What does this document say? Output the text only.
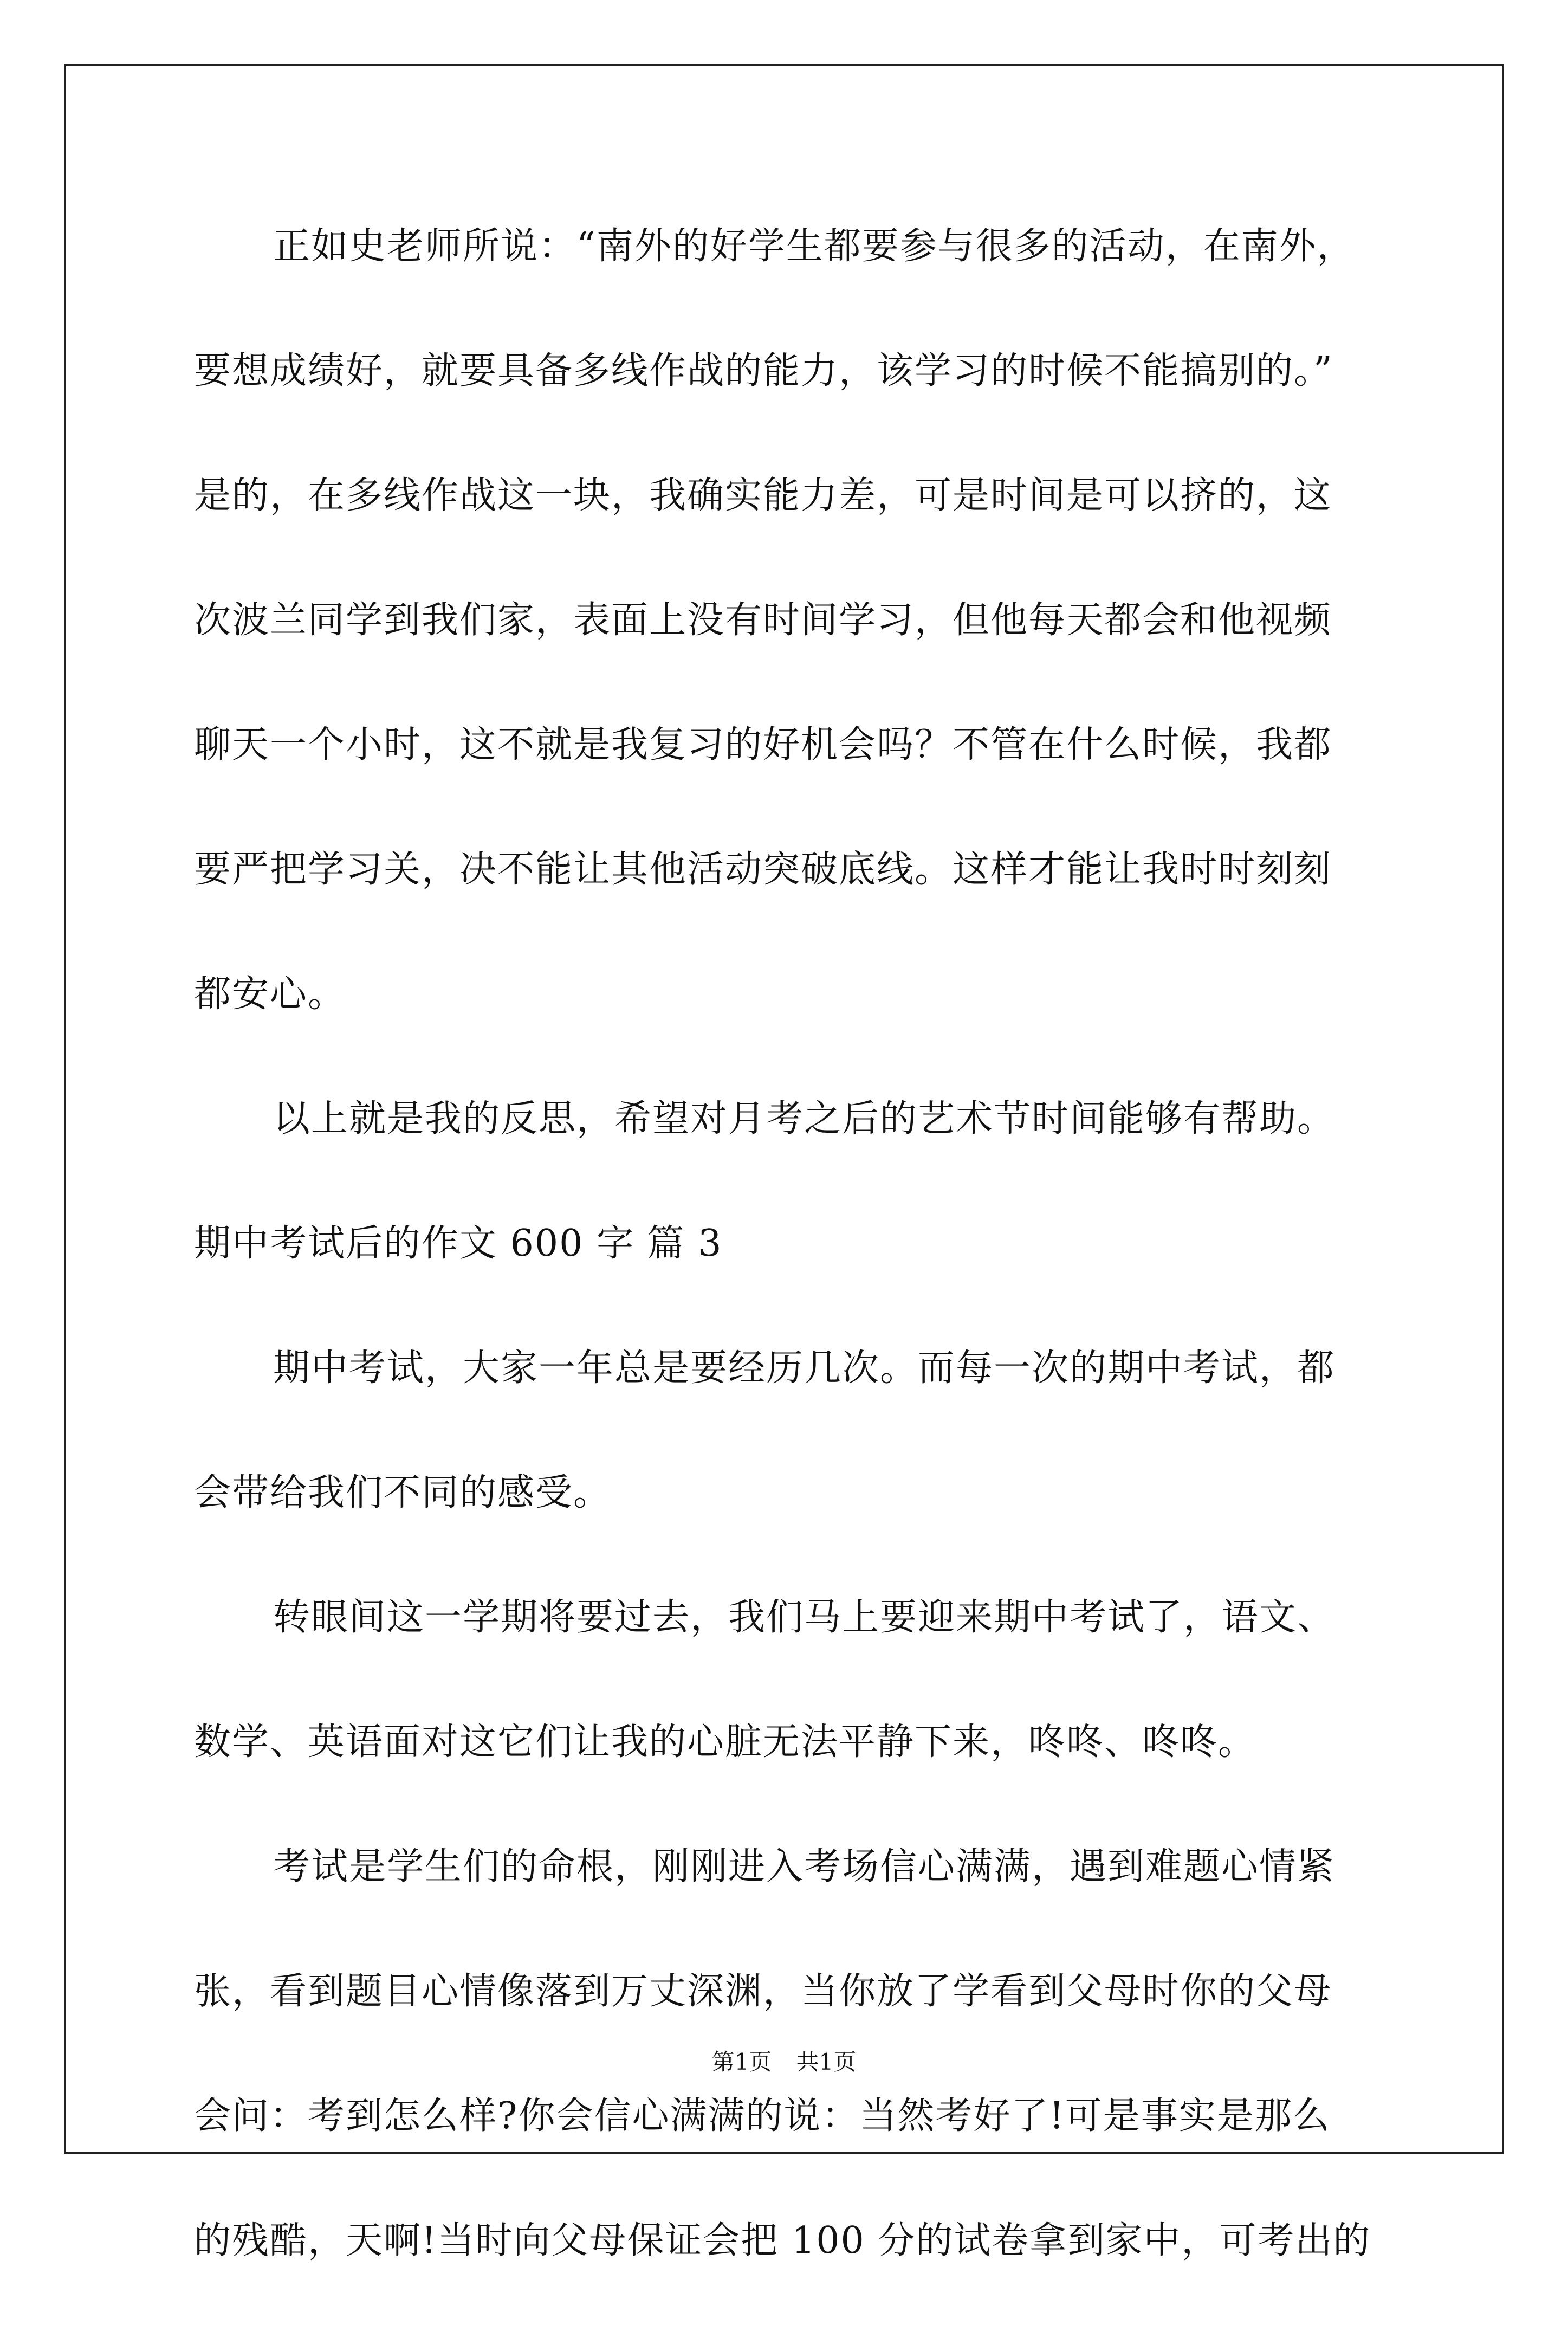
正如史老师所说：“南外的好学生都要参与很多的活动，在南外，
要想成绩好，就要具备多线作战的能力，该学习的时候不能搞别的。”
是的，在多线作战这一块，我确实能力差，可是时间是可以挤的，这
次波兰同学到我们家，表面上没有时间学习，但他每天都会和他视频
聊天一个小时，这不就是我复习的好机会吗？不管在什么时候，我都
要严把学习关，决不能让其他活动突破底线。这样才能让我时时刻刻
都安心。
以上就是我的反思，希望对月考之后的艺术节时间能够有帮助。
期中考试后的作文 600 字 篇 3
期中考试，大家一年总是要经历几次。而每一次的期中考试，都
会带给我们不同的感受。
转眼间这一学期将要过去，我们马上要迎来期中考试了，语文、
数学、英语面对这它们让我的心脏无法平静下来，咚咚、咚咚。
考试是学生们的命根，刚刚进入考场信心满满，遇到难题心情紧
张，看到题目心情像落到万丈深渊，当你放了学看到父母时你的父母
会问：考到怎么样?你会信心满满的说：当然考好了!可是事实是那么
的残酷，天啊!当时向父母保证会把 100 分的试卷拿到家中，可考出的
第1页 共1页
